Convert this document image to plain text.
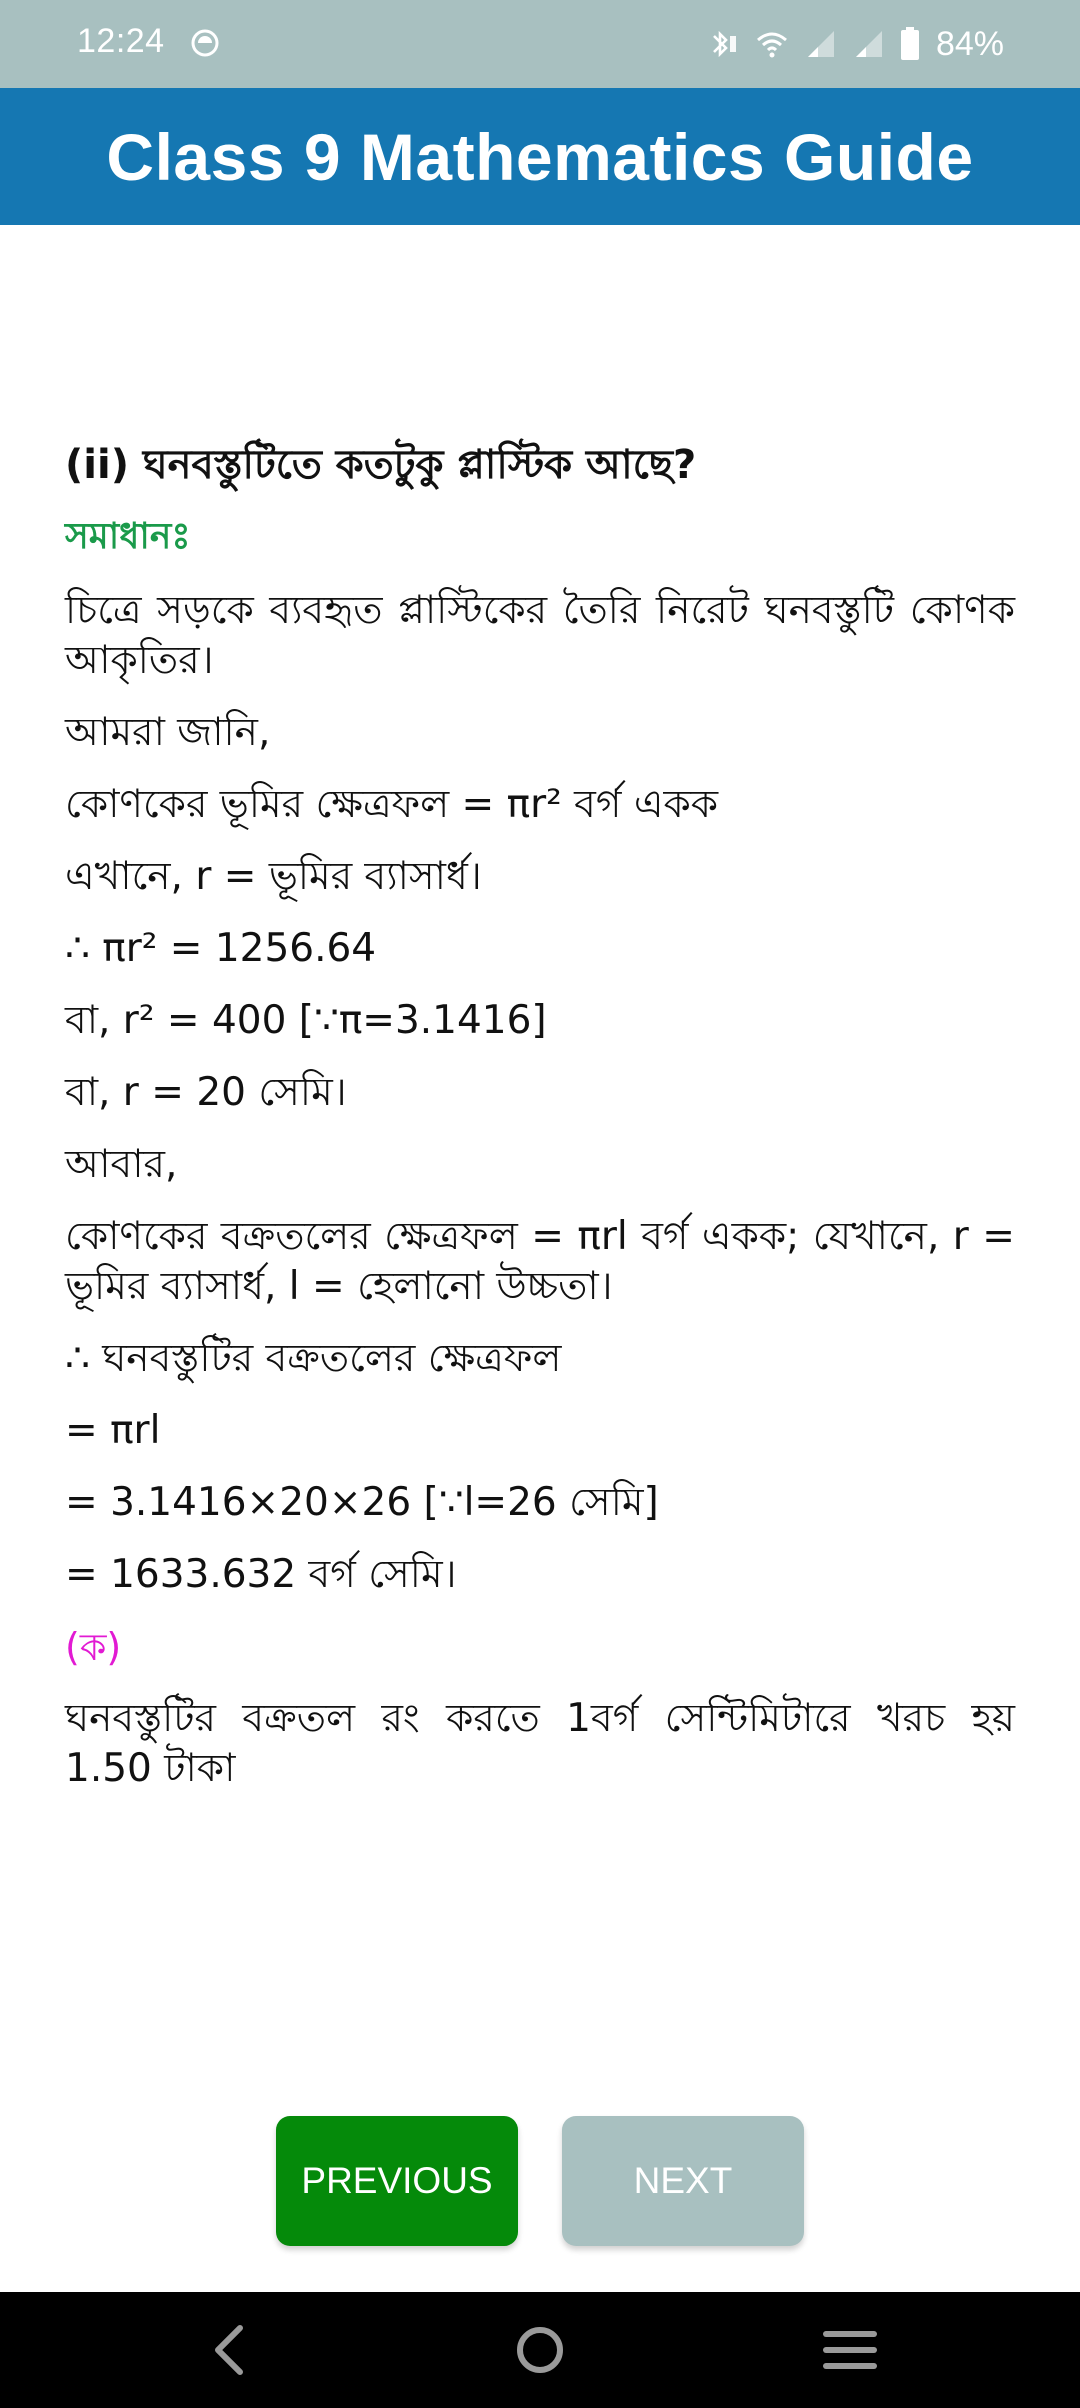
12:24	84%
Class 9 Mathematics Guide
(ii) ঘনবস্তুটিতে কতটুকু প্লাস্টিক আছে?
সমাধানঃ
চিত্রে সড়কে ব্যবহৃত প্লাস্টিকের তৈরি নিরেট ঘনবস্তুটি কোণক আকৃতির।
আমরা জানি,
কোণকের ভূমির ক্ষেত্রফল = πr² বর্গ একক
এখানে, r = ভূমির ব্যাসার্ধ।
∴ πr² = 1256.64
বা, r² = 400 [∵π=3.1416]
বা, r = 20 সেমি।
আবার,
কোণকের বক্রতলের ক্ষেত্রফল = πrl বর্গ একক; যেখানে, r = ভূমির ব্যাসার্ধ, l = হেলানো উচ্চতা।
∴ ঘনবস্তুটির বক্রতলের ক্ষেত্রফল
= πrl
= 3.1416×20×26 [∵l=26 সেমি]
= 1633.632 বর্গ সেমি।
(ক)
ঘনবস্তুটির বক্রতল রং করতে 1বর্গ সেন্টিমিটারে খরচ হয় 1.50 টাকা
PREVIOUS	NEXT
